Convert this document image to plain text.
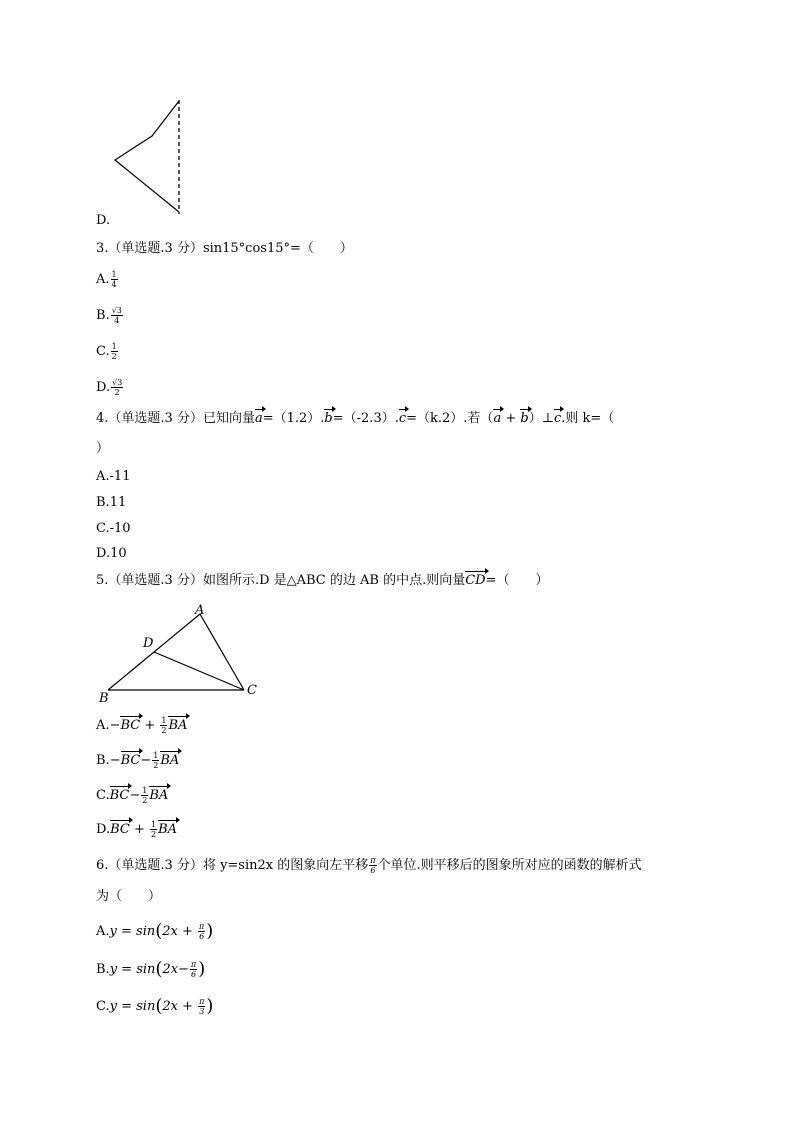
D.
3.（单选题.3 分）sin15°cos15°=（　　）
A. $\frac{1}{4}$
B. $\frac{√3}{4}$
C. $\frac{1}{2}$
D. $\frac{√3}{2}$
4.（单选题.3 分）已知向量a=（1.2）.b=（-2.3）.c=（k.2）.若（a + b）⊥c.则 k=（
）
A.-11
B.11
C.-10
D.10
5.（单选题.3 分）如图所示.D 是△ABC 的边 AB 的中点.则向量CD=（　　）
A
D
B
C
$A.-BC + \frac{1}{2}$ BA
$B.-BC- \frac{1}{2}$ BA
$C.BC- \frac{1}{2}$ BA
$D.BC + \frac{1}{2}$ BA
6.（单选题.3 分）将 y=sin2x 的图象向左平移 $\frac{\pi}{6}$ 个单位.则平移后的图象所对应的函数的解析式
为（　　）
$A.y = \sin(2x + \frac{\pi}{6}$ )
$B.y = \sin(2x- \frac{\pi}{6}$ )
$C.y = \sin(2x + \frac{\pi}{3}$ )
